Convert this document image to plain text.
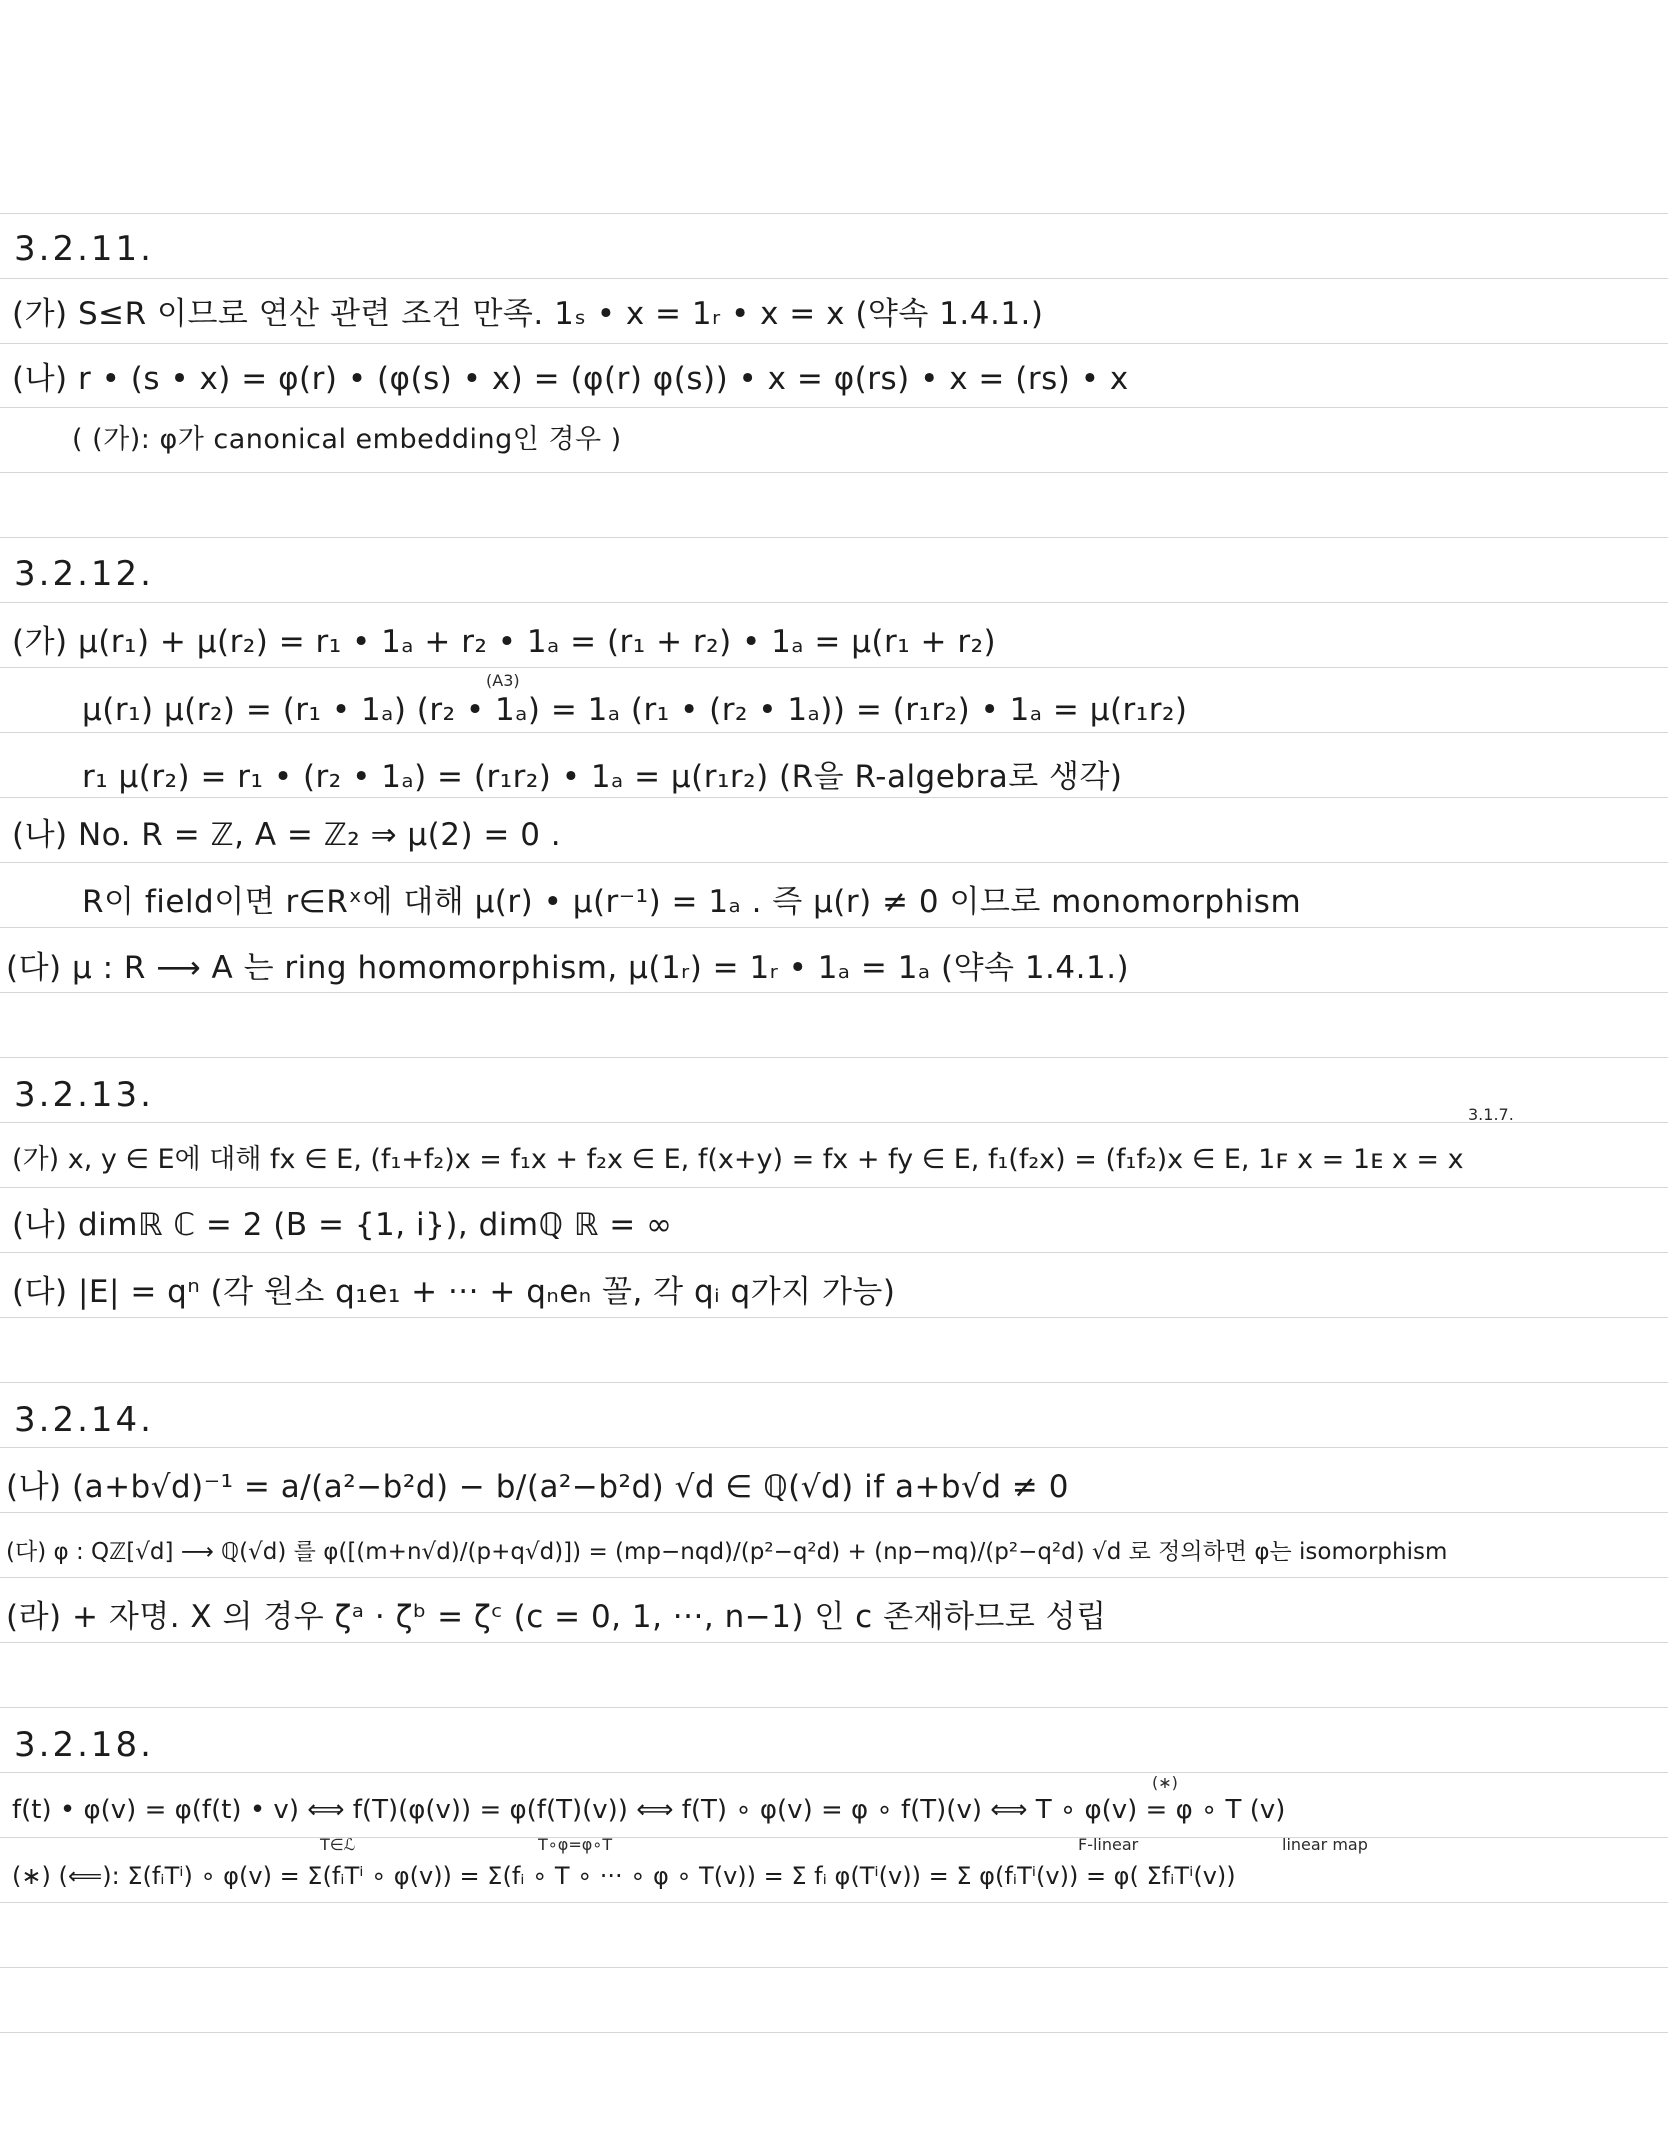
3.2.11.
(가) S≤R 이므로 연산 관련 조건 만족. 1ₛ • x = 1ᵣ • x = x (약속 1.4.1.)
(나) r • (s • x) = φ(r) • (φ(s) • x) = (φ(r) φ(s)) • x = φ(rs) • x = (rs) • x
( (가): φ가 canonical embedding인 경우 )
3.2.12.
(가) μ(r₁) + μ(r₂) = r₁ • 1ₐ + r₂ • 1ₐ = (r₁ + r₂) • 1ₐ = μ(r₁ + r₂)
(A3)
μ(r₁) μ(r₂) = (r₁ • 1ₐ) (r₂ • 1ₐ) = 1ₐ (r₁ • (r₂ • 1ₐ)) = (r₁r₂) • 1ₐ = μ(r₁r₂)
r₁ μ(r₂) = r₁ • (r₂ • 1ₐ) = (r₁r₂) • 1ₐ = μ(r₁r₂) (R을 R-algebra로 생각)
(나) No. R = ℤ, A = ℤ₂ ⇒ μ(2) = 0 .
R이 field이면 r∈Rˣ에 대해 μ(r) • μ(r⁻¹) = 1ₐ . 즉 μ(r) ≠ 0 이므로 monomorphism
(다) μ : R ⟶ A 는 ring homomorphism, μ(1ᵣ) = 1ᵣ • 1ₐ = 1ₐ (약속 1.4.1.)
3.2.13.	3.1.7.
(가) x, y ∈ E에 대해 fx ∈ E, (f₁+f₂)x = f₁x + f₂x ∈ E, f(x+y) = fx + fy ∈ E, f₁(f₂x) = (f₁f₂)x ∈ E, 1ꜰ x = 1ᴇ x = x
(나) dimℝ ℂ = 2 (B = {1, i}), dimℚ ℝ = ∞
(다) |E| = qⁿ (각 원소 q₁e₁ + ··· + qₙeₙ 꼴, 각 qᵢ q가지 가능)
3.2.14.
(나) (a+b√d)⁻¹ = a/(a²−b²d) − b/(a²−b²d) √d ∈ ℚ(√d) if a+b√d ≠ 0
(다) φ : Qℤ[√d] ⟶ ℚ(√d) 를 φ([(m+n√d)/(p+q√d)]) = (mp−nqd)/(p²−q²d) + (np−mq)/(p²−q²d) √d 로 정의하면 φ는 isomorphism
(라) + 자명. X 의 경우 ζᵃ · ζᵇ = ζᶜ (c = 0, 1, ···, n−1) 인 c 존재하므로 성립
3.2.18.
(∗)
f(t) • φ(v) = φ(f(t) • v) ⟺ f(T)(φ(v)) = φ(f(T)(v)) ⟺ f(T) ∘ φ(v) = φ ∘ f(T)(v) ⟺ T ∘ φ(v) = φ ∘ T (v)
T∈ℒ	T∘φ=φ∘T	F-linear	linear map
(∗) (⟸): Σ(fᵢTⁱ) ∘ φ(v) = Σ(fᵢTⁱ ∘ φ(v)) = Σ(fᵢ ∘ T ∘ ··· ∘ φ ∘ T(v)) = Σ fᵢ φ(Tⁱ(v)) = Σ φ(fᵢTⁱ(v)) = φ( ΣfᵢTⁱ(v))
